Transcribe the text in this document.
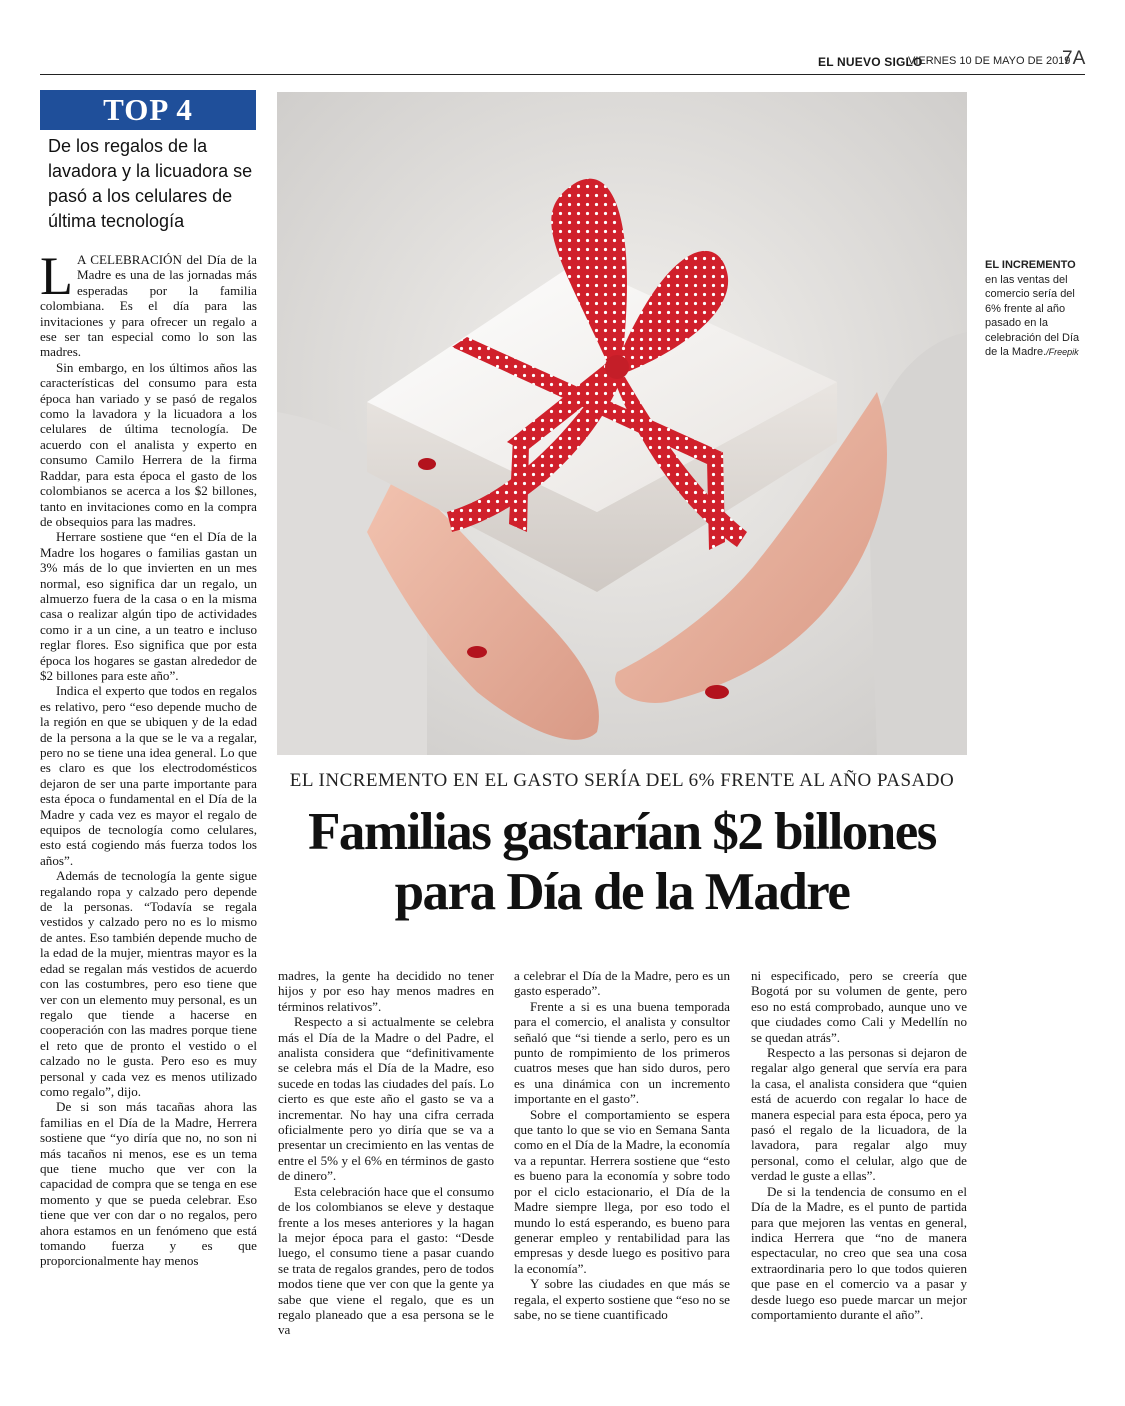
EL NUEVO SIGLO
VIERNES 10 DE MAYO DE 2019
7A
TOP 4
De los regalos de la lavadora y la licuadora se pasó a los celulares de última tecnología

L A CELEBRACIÓN del Día de la Madre es una de las jornadas más esperadas por la familia colombiana. Es el día para las invitaciones y para ofrecer un regalo a ese ser tan especial como lo son las madres.

Sin embargo, en los últimos años las características del consumo para esta época han variado y se pasó de regalos como la lavadora y la licuadora a los celulares de última tecnología. De acuerdo con el analista y experto en consumo Camilo Herrera de la firma Raddar, para esta época el gasto de los colombianos se acerca a los $2 billones, tanto en invitaciones como en la compra de obsequios para las madres.

Herrare sostiene que “en el Día de la Madre los hogares o familias gastan un 3% más de lo que invierten en un mes normal, eso significa dar un regalo, un almuerzo fuera de la casa o en la misma casa o realizar algún tipo de actividades como ir a un cine, a un teatro e incluso reglar flores. Eso significa que por esta época los hogares se gastan alrededor de $2 billones para este año”.

Indica el experto que todos en regalos es relativo, pero “eso depende mucho de la región en que se ubiquen y de la edad de la persona a la que se le va a regalar, pero no se tiene una idea general. Lo que es claro es que los electrodomésticos dejaron de ser una parte importante para esta época o fundamental en el Día de la Madre y cada vez es mayor el regalo de equipos de tecnología como celulares, esto está cogiendo más fuerza todos los años”.

Además de tecnología la gente sigue regalando ropa y calzado pero depende de la personas. “Todavía se regala vestidos y calzado pero no es lo mismo de antes. Eso también depende mucho de la edad de la mujer, mientras mayor es la edad se regalan más vestidos de acuerdo con las costumbres, pero eso tiene que ver con un elemento muy personal, es un regalo que tiende a hacerse en cooperación con las madres porque tiene el reto que de pronto el vestido o el calzado no le gusta. Pero eso es muy personal y cada vez es menos utilizado como regalo”, dijo.

De si son más tacañas ahora las familias en el Día de la Madre, Herrera sostiene que “yo diría que no, no son ni más tacaños ni menos, ese es un tema que tiene mucho que ver con la capacidad de compra que se tenga en ese momento y que se pueda celebrar. Eso tiene que ver con dar o no regalos, pero ahora estamos en un fenómeno que está tomando fuerza y es que proporcionalmente hay menos

EL INCREMENTO
en las ventas del comercio sería del 6% frente al año pasado en la celebración del Día de la Madre./Freepik
EL INCREMENTO EN EL GASTO SERÍA DEL 6% FRENTE AL AÑO PASADO
Familias gastarían $2 billones
para Día de la Madre

madres, la gente ha decidido no tener hijos y por eso hay menos madres en términos relativos”.

Respecto a si actualmente se celebra más el Día de la Madre o del Padre, el analista considera que “definitivamente se celebra más el Día de la Madre, eso sucede en todas las ciudades del país. Lo cierto es que este año el gasto se va a incrementar. No hay una cifra cerrada oficialmente pero yo diría que se va a presentar un crecimiento en las ventas de entre el 5% y el 6% en términos de gasto de dinero”.

Esta celebración hace que el consumo de los colombianos se eleve y destaque frente a los meses anteriores y la hagan la mejor época para el gasto: “Desde luego, el consumo tiene a pasar cuando se trata de regalos grandes, pero de todos modos tiene que ver con que la gente ya sabe que viene el regalo, que es un regalo planeado que a esa persona se le va

a celebrar el Día de la Madre, pero es un gasto esperado”.

Frente a si es una buena temporada para el comercio, el analista y consultor señaló que “si tiende a serlo, pero es un punto de rompimiento de los primeros cuatros meses que han sido duros, pero es una dinámica con un incremento importante en el gasto”.

Sobre el comportamiento se espera que tanto lo que se vio en Semana Santa como en el Día de la Madre, la economía va a repuntar. Herrera sostiene que “esto es bueno para la economía y sobre todo por el ciclo estacionario, el Día de la Madre siempre llega, por eso todo el mundo lo está esperando, es bueno para generar empleo y rentabilidad para las empresas y desde luego es positivo para la economía”.

Y sobre las ciudades en que más se regala, el experto sostiene que “eso no se sabe, no se tiene cuantificado

ni especificado, pero se creería que Bogotá por su volumen de gente, pero eso no está comprobado, aunque uno ve que ciudades como Cali y Medellín no se quedan atrás”.

Respecto a las personas si dejaron de regalar algo general que servía era para la casa, el analista considera que “quien está de acuerdo con regalar lo hace de manera especial para esta época, pero ya pasó el regalo de la licuadora, de la lavadora, para regalar algo muy personal, como el celular, algo que de verdad le guste a ellas”.

De si la tendencia de consumo en el Día de la Madre, es el punto de partida para que mejoren las ventas en general, indica Herrera que “no de manera espectacular, no creo que sea una cosa extraordinaria pero lo que todos quieren que pase en el comercio va a pasar y desde luego eso puede marcar un mejor comportamiento durante el año”.
